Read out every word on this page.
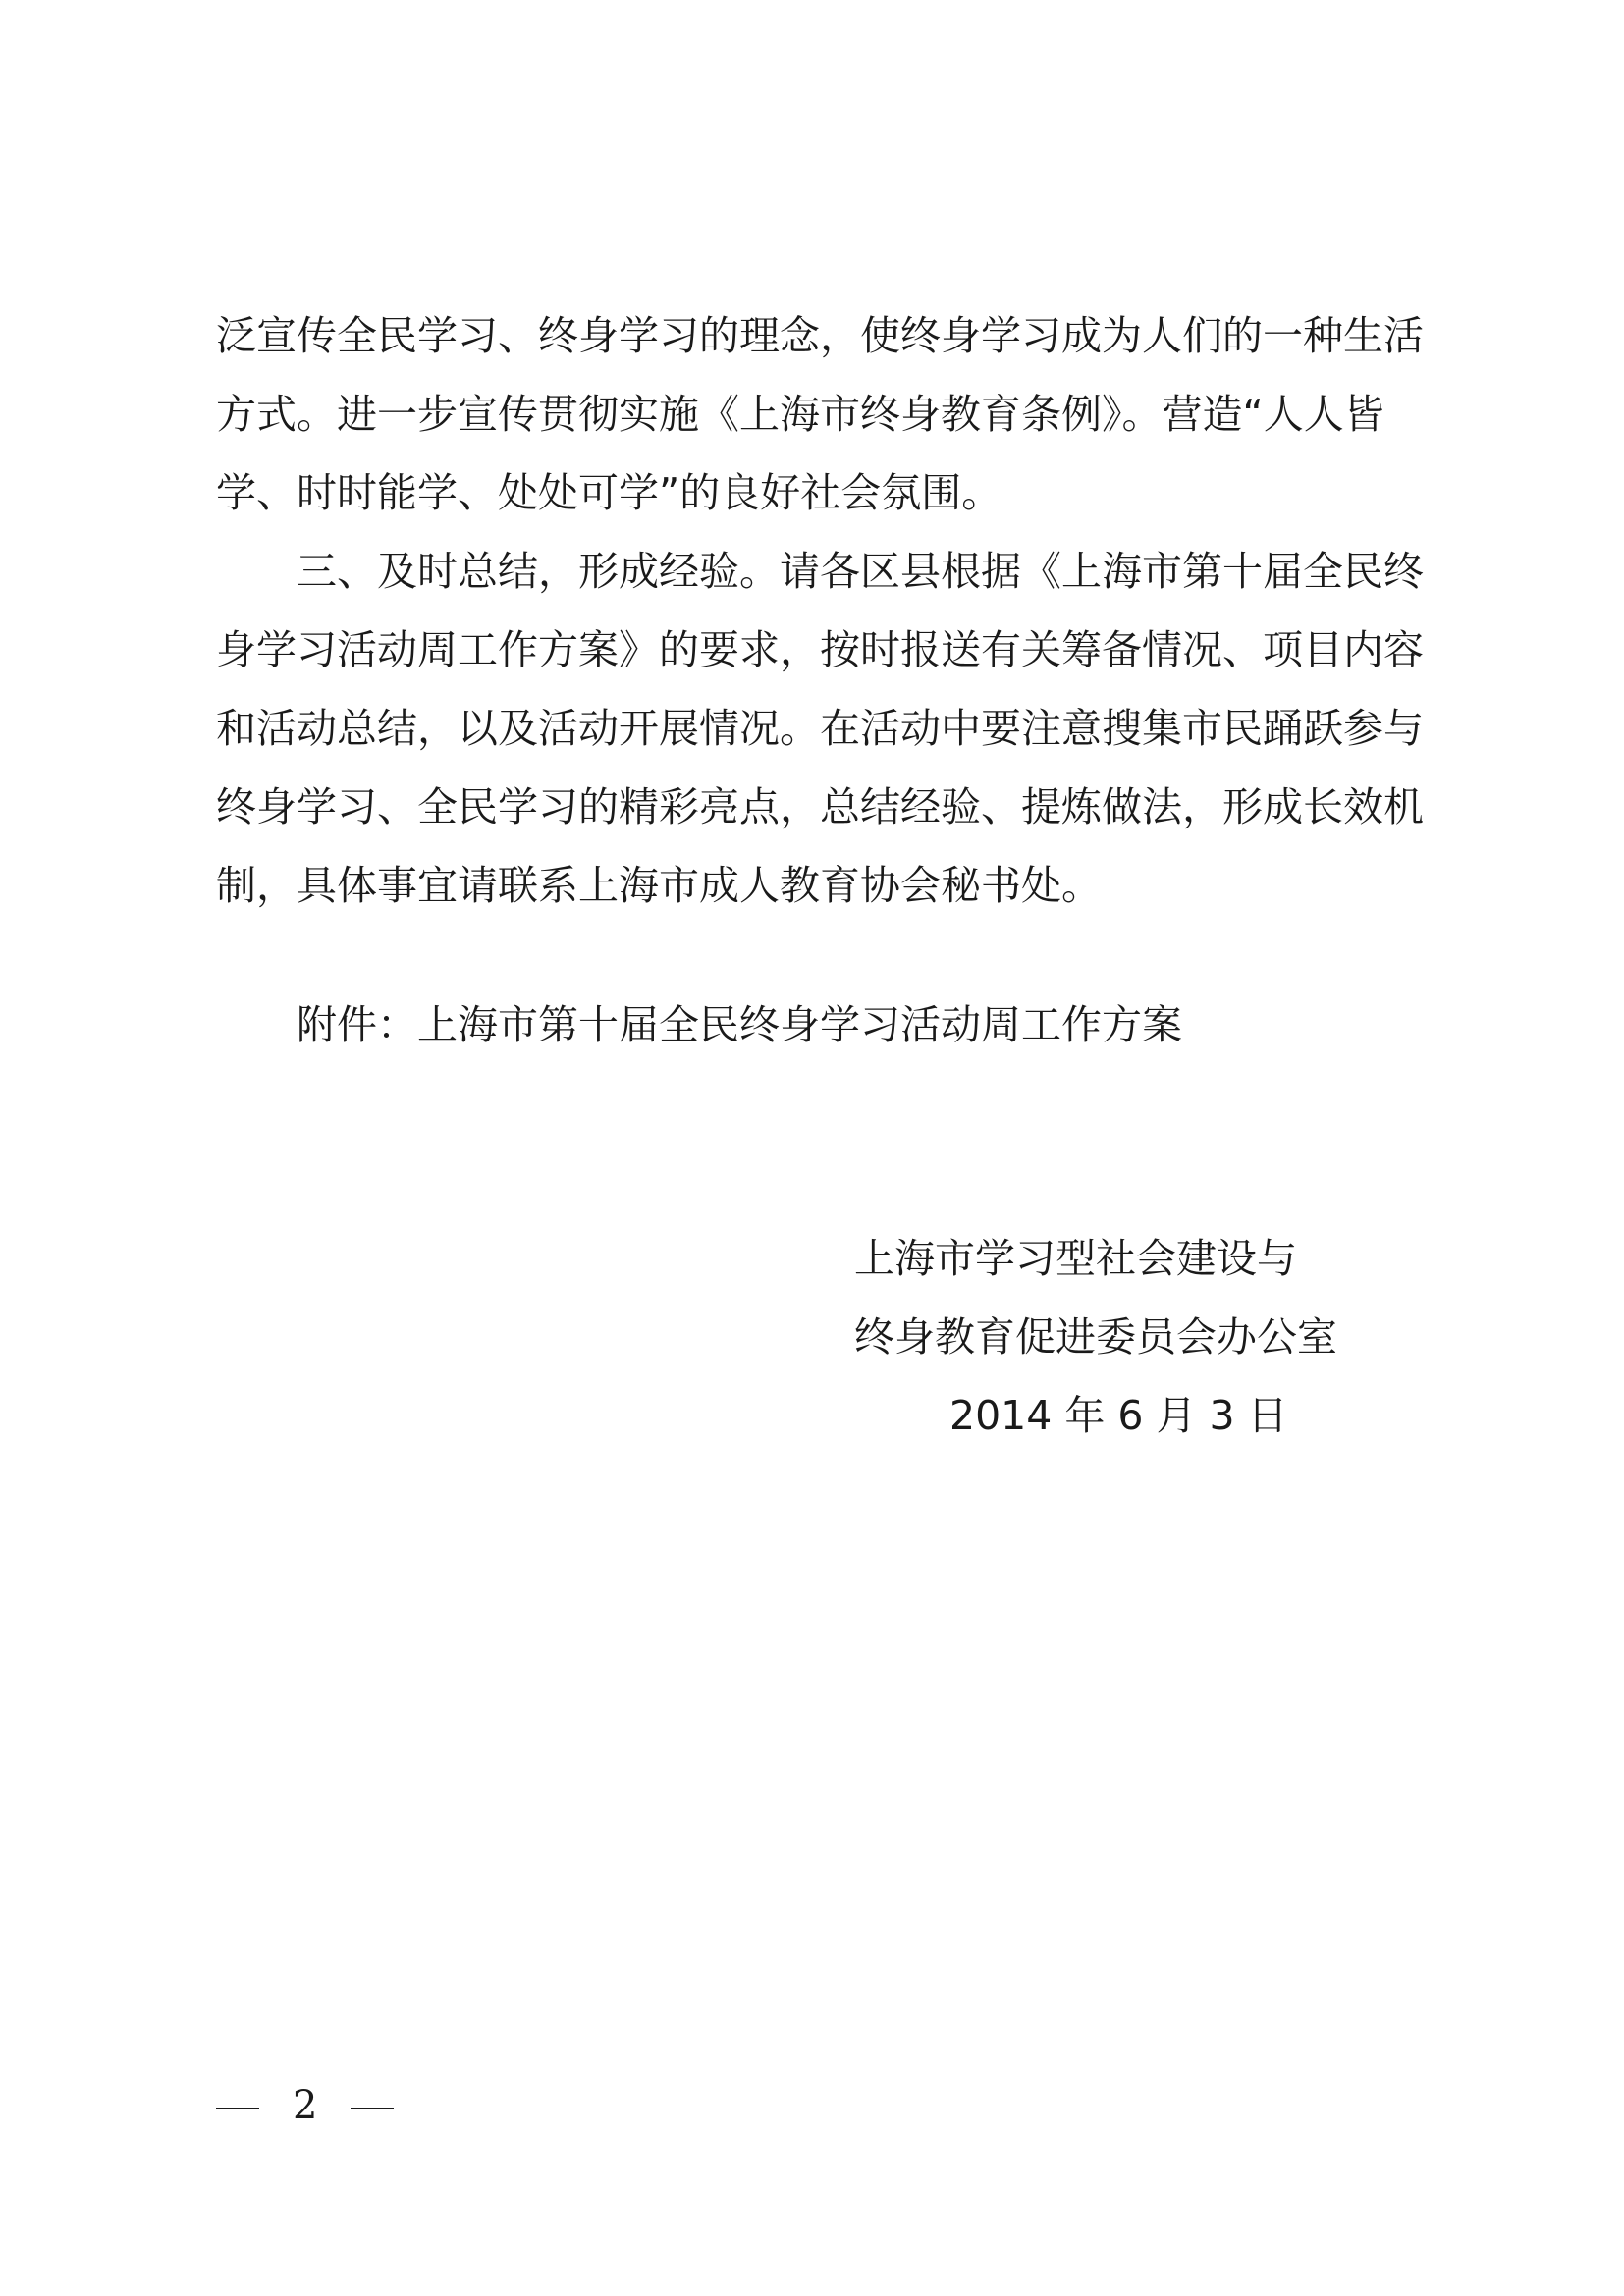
泛宣传全民学习、终身学习的理念，使终身学习成为人们的一种生活方式。进一步宣传贯彻实施《上海市终身教育条例》。营造“人人皆学、时时能学、处处可学”的良好社会氛围。

三、及时总结，形成经验。请各区县根据《上海市第十届全民终身学习活动周工作方案》的要求，按时报送有关筹备情况、项目内容和活动总结，以及活动开展情况。在活动中要注意搜集市民踊跃参与终身学习、全民学习的精彩亮点，总结经验、提炼做法，形成长效机制，具体事宜请联系上海市成人教育协会秘书处。

附件：上海市第十届全民终身学习活动周工作方案
上海市学习型社会建设与
终身教育促进委员会办公室
2014 年 6 月 3 日
2
